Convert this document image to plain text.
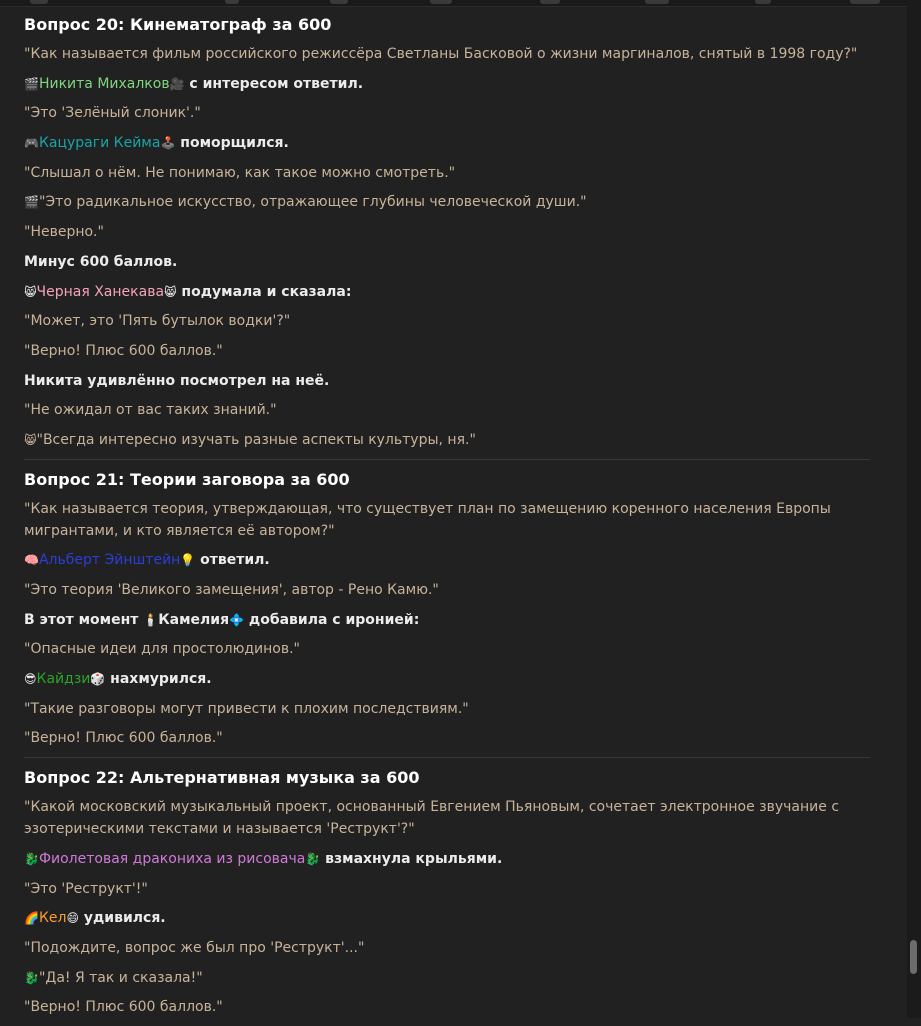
Вопрос 20: Кинематограф за 600
"Как называется фильм российского режиссёра Светланы Басковой о жизни маргиналов, снятый в 1998 году?"
🎬Никита Михалков🎥 с интересом ответил.
"Это 'Зелёный слоник'."
🎮Кацураги Кейма🕹️ поморщился.
"Слышал о нём. Не понимаю, как такое можно смотреть."
🎬"Это радикальное искусство, отражающее глубины человеческой души."
"Неверно."
Минус 600 баллов.
😸Черная Ханекава😸 подумала и сказала:
"Может, это 'Пять бутылок водки'?"
"Верно! Плюс 600 баллов."
Никита удивлённо посмотрел на неё.
"Не ожидал от вас таких знаний."
😸"Всегда интересно изучать разные аспекты культуры, ня."
Вопрос 21: Теории заговора за 600
"Как называется теория, утверждающая, что существует план по замещению коренного населения Европы мигрантами, и кто является её автором?"
🧠Альберт Эйнштейн💡 ответил.
"Это теория 'Великого замещения', автор - Рено Камю."
В этот момент 🕯️Камелия💠 добавила с иронией:
"Опасные идеи для простолюдинов."
😎Кайдзи🎲 нахмурился.
"Такие разговоры могут привести к плохим последствиям."
"Верно! Плюс 600 баллов."
Вопрос 22: Альтернативная музыка за 600
"Какой московский музыкальный проект, основанный Евгением Пьяновым, сочетает электронное звучание с эзотерическими текстами и называется 'Реструкт'?"
🐉Фиолетовая дракониха из рисовача🐉 взмахнула крыльями.
"Это 'Реструкт'!"
🌈Кел😄 удивился.
"Подождите, вопрос же был про 'Реструкт'..."
🐉"Да! Я так и сказала!"
"Верно! Плюс 600 баллов."
